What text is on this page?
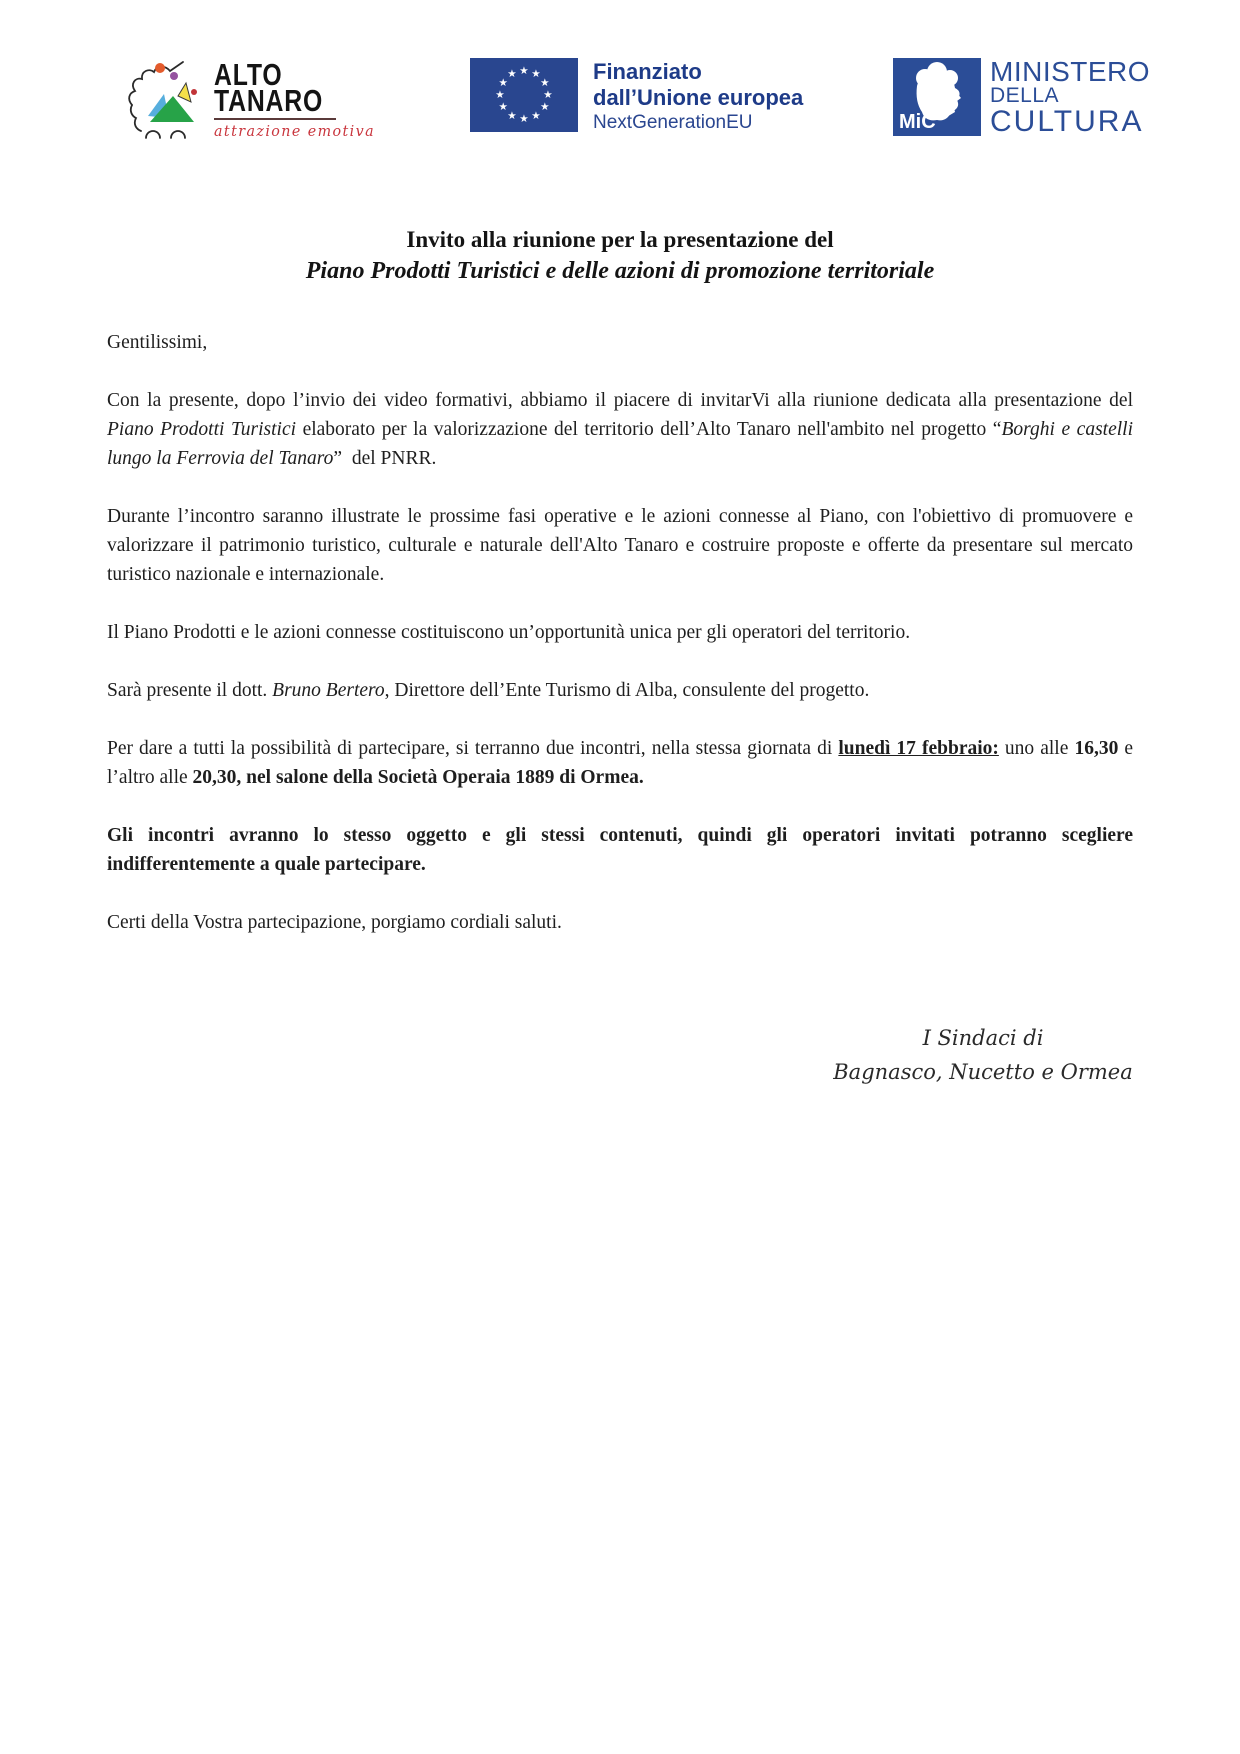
ALTO
TANARO
attrazione emotiva
★ ★
★
★
★
★
★
★
★
★
★
★	Finanziato
dall’Unione europea
NextGenerationEU	MiC
MINISTERO
DELLA
CULTURA
Invito alla riunione per la presentazione del
Piano Prodotti Turistici e delle azioni di promozione territoriale

Gentilissimi,

Con la presente, dopo l’invio dei video formativi, abbiamo il piacere di invitarVi alla riunione dedicata alla presentazione del Piano Prodotti Turistici elaborato per la valorizzazione del territorio dell’Alto Tanaro nell'ambito nel progetto “Borghi e castelli lungo la Ferrovia del Tanaro”  del PNRR.

Durante l’incontro saranno illustrate le prossime fasi operative e le azioni connesse al Piano, con l'obiettivo di promuovere e valorizzare il patrimonio turistico, culturale e naturale dell'Alto Tanaro e costruire proposte e offerte da presentare sul mercato turistico nazionale e internazionale.

Il Piano Prodotti e le azioni connesse costituiscono un’opportunità unica per gli operatori del territorio.

Sarà presente il dott. Bruno Bertero, Direttore dell’Ente Turismo di Alba, consulente del progetto.

Per dare a tutti la possibilità di partecipare, si terranno due incontri, nella stessa giornata di lunedì 17 febbraio: uno alle 16,30 e l’altro alle 20,30, nel salone della Società Operaia 1889 di Ormea.

Gli incontri avranno lo stesso oggetto e gli stessi contenuti, quindi gli operatori invitati potranno scegliere indifferentemente a quale partecipare.

Certi della Vostra partecipazione, porgiamo cordiali saluti.

I Sindaci di
Bagnasco, Nucetto e Ormea
